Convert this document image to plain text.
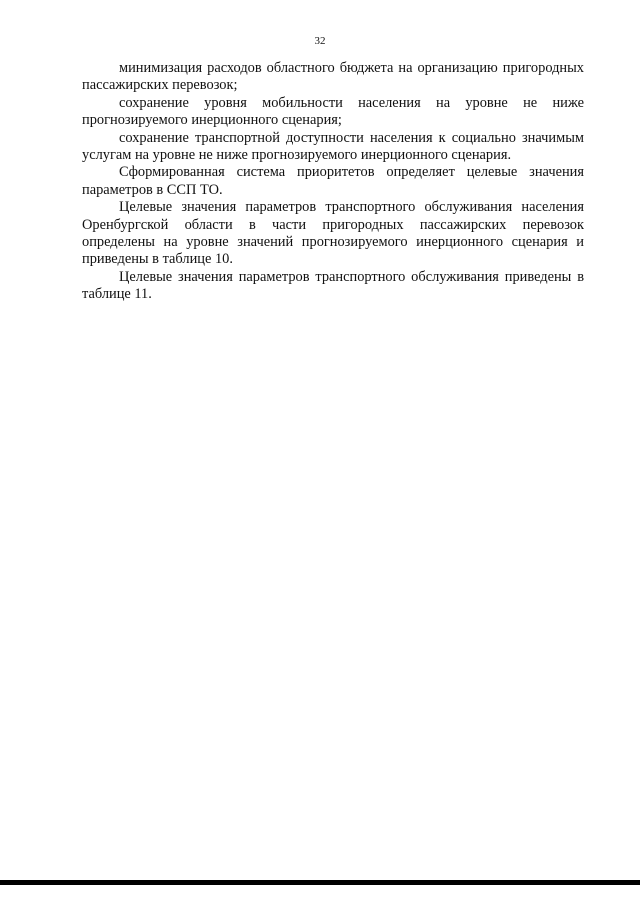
32

минимизация расходов областного бюджета на организацию пригородных пассажирских перевозок;

сохранение уровня мобильности населения на уровне не ниже прогнозируемого инерционного сценария;

сохранение транспортной доступности населения к социально значимым услугам на уровне не ниже прогнозируемого инерционного сценария.

Сформированная система приоритетов определяет целевые значения параметров в ССП ТО.

Целевые значения параметров транспортного обслуживания населения Оренбургской области в части пригородных пассажирских перевозок определены на уровне значений прогнозируемого инерционного сценария и приведены в таблице 10.

Целевые значения параметров транспортного обслуживания приведены в таблице 11.
